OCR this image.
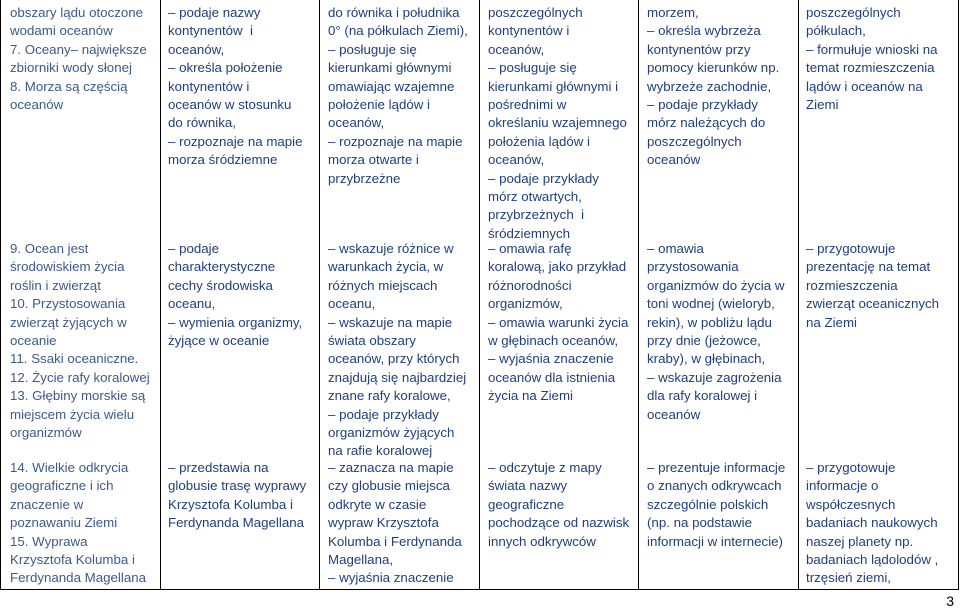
obszary lądu otoczone

wodami oceanów

7. Oceany– największe

zbiorniki wody słonej

8. Morza są częścią

oceanów

9. Ocean jest

środowiskiem życia

roślin i zwierząt

10. Przystosowania

zwierząt żyjących w

oceanie

11. Ssaki oceaniczne.

12. Życie rafy koralowej

13. Głębiny morskie są

miejscem życia wielu

organizmów

14. Wielkie odkrycia

geograficzne i ich

znaczenie w

poznawaniu Ziemi

15. Wyprawa

Krzysztofa Kolumba i

Ferdynanda Magellana

– podaje nazwy

kontynentów  i

oceanów,

– określa położenie

kontynentów i

oceanów w stosunku

do równika,

– rozpoznaje na mapie

morza śródziemne

– podaje

charakterystyczne

cechy środowiska

oceanu,

– wymienia organizmy,

żyjące w oceanie

– przedstawia na

globusie trasę wyprawy

Krzysztofa Kolumba i

Ferdynanda Magellana

do równika i południka

0° (na półkulach Ziemi),

– posługuje się

kierunkami głównymi

omawiając wzajemne

położenie lądów i

oceanów,

– rozpoznaje na mapie

morza otwarte i

przybrzeżne

– wskazuje różnice w

warunkach życia, w

różnych miejscach

oceanu,

– wskazuje na mapie

świata obszary

oceanów, przy których

znajdują się najbardziej

znane rafy koralowe,

– podaje przykłady

organizmów żyjących

na rafie koralowej

– zaznacza na mapie

czy globusie miejsca

odkryte w czasie

wypraw Krzysztofa

Kolumba i Ferdynanda

Magellana,

– wyjaśnia znaczenie

poszczególnych

kontynentów i

oceanów,

– posługuje się

kierunkami głównymi i

pośrednimi w

określaniu wzajemnego

położenia lądów i

oceanów,

– podaje przykłady

mórz otwartych,

przybrzeżnych  i

śródziemnych

– omawia rafę

koralową, jako przykład

różnorodności

organizmów,

– omawia warunki życia

w głębinach oceanów,

– wyjaśnia znaczenie

oceanów dla istnienia

życia na Ziemi

– odczytuje z mapy

świata nazwy

geograficzne

pochodzące od nazwisk

innych odkrywców

morzem,

– określa wybrzeża

kontynentów przy

pomocy kierunków np.

wybrzeże zachodnie,

– podaje przykłady

mórz należących do

poszczególnych

oceanów

– omawia

przystosowania

organizmów do życia w

toni wodnej (wieloryb,

rekin), w pobliżu lądu

przy dnie (jeżowce,

kraby), w głębinach,

– wskazuje zagrożenia

dla rafy koralowej i

oceanów

– prezentuje informacje

o znanych odkrywcach

szczególnie polskich

(np. na podstawie

informacji w internecie)

poszczególnych

półkulach,

– formułuje wnioski na

temat rozmieszczenia

lądów i oceanów na

Ziemi

– przygotowuje

prezentację na temat

rozmieszczenia

zwierząt oceanicznych

na Ziemi

– przygotowuje

informacje o

współczesnych

badaniach naukowych

naszej planety np.

badaniach lądolodów ,

trzęsień ziemi,

3
